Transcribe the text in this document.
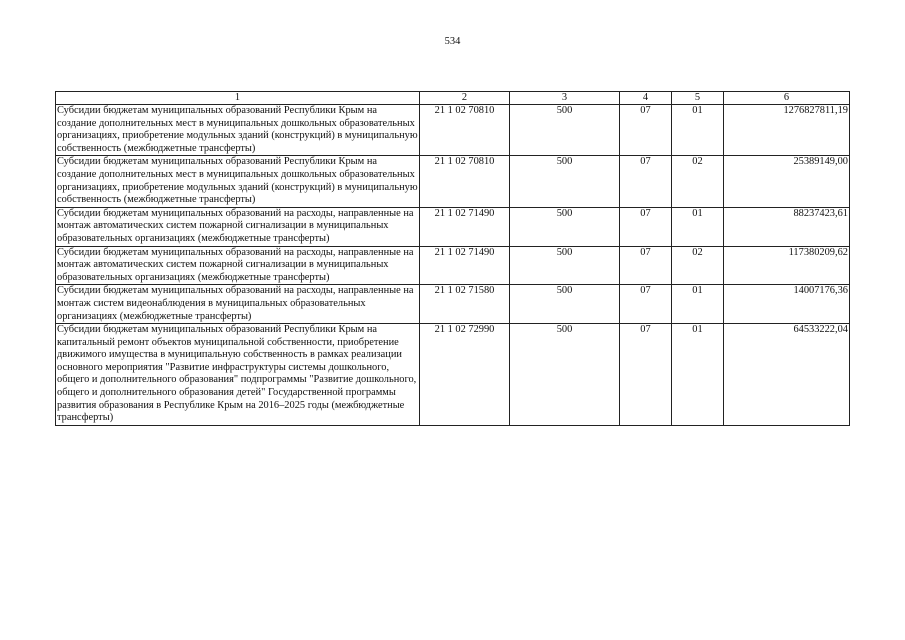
534
1	2	3	4	5	6
Субсидии бюджетам муниципальных образований Республики Крым на создание дополнительных мест в муниципальных дошкольных образовательных организациях, приобретение модульных зданий (конструкций) в муниципальную собственность (межбюджетные трансферты)	21 1 02 70810	500	07	01	1276827811,19
Субсидии бюджетам муниципальных образований Республики Крым на создание дополнительных мест в муниципальных дошкольных образовательных организациях, приобретение модульных зданий (конструкций) в муниципальную собственность (межбюджетные трансферты)	21 1 02 70810	500	07	02	25389149,00
Субсидии бюджетам муниципальных образований на расходы, направленные на монтаж автоматических систем пожарной сигнализации в муниципальных образовательных организациях (межбюджетные трансферты)	21 1 02 71490	500	07	01	88237423,61
Субсидии бюджетам муниципальных образований на расходы, направленные на монтаж автоматических систем пожарной сигнализации в муниципальных образовательных организациях (межбюджетные трансферты)	21 1 02 71490	500	07	02	117380209,62
Субсидии бюджетам муниципальных образований на расходы, направленные на монтаж систем видеонаблюдения в муниципальных образовательных организациях (межбюджетные трансферты)	21 1 02 71580	500	07	01	14007176,36
Субсидии бюджетам муниципальных образований Республики Крым на капитальный ремонт объектов муниципальной собственности, приобретение движимого имущества в муниципальную собственность в рамках реализации основного мероприятия "Развитие инфраструктуры системы дошкольного, общего и дополнительного образования" подпрограммы "Развитие дошкольного, общего и дополнительного образования детей" Государственной программы развития образования в Республике Крым на 2016–2025 годы (межбюджетные трансферты)	21 1 02 72990	500	07	01	64533222,04
